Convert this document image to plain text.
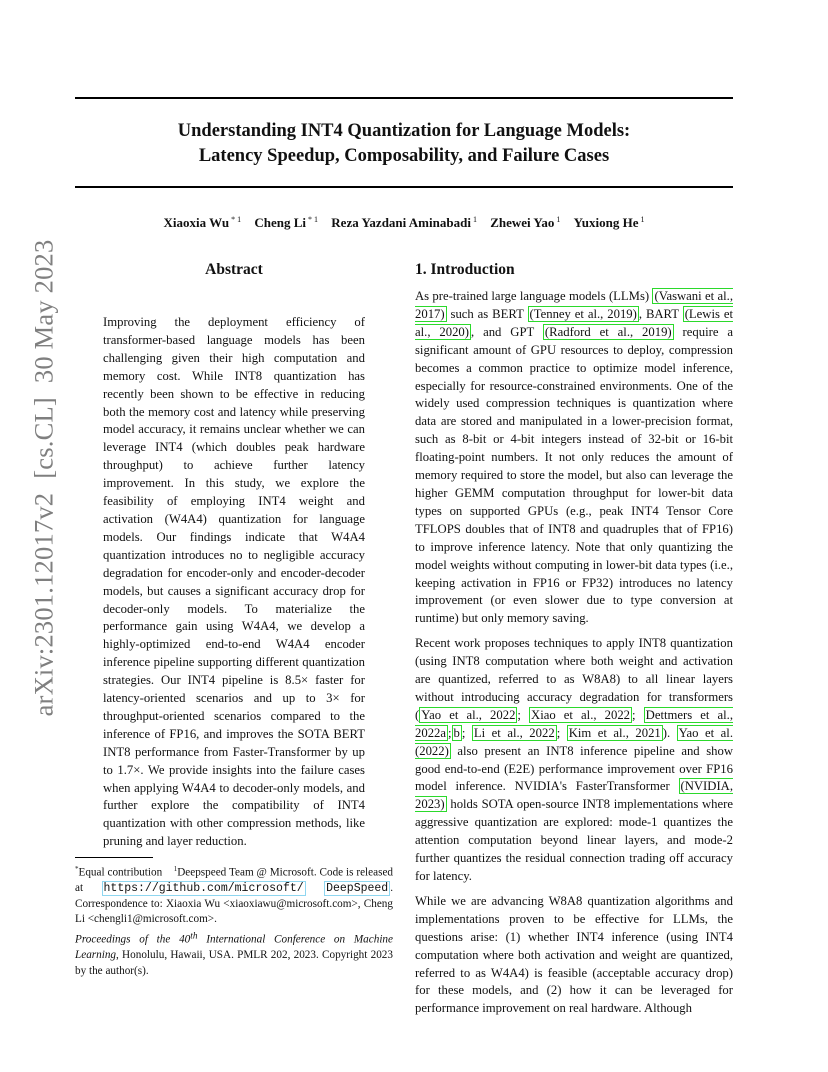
Understanding INT4 Quantization for Language Models:
Latency Speedup, Composability, and Failure Cases
Xiaoxia Wu $^{* 1}$ Cheng Li $^{* 1}$ Reza Yazdani Aminabadi $^1$ Zhewei Yao $^1$ Yuxiong He $^1$
arXiv:2301.12017v2[cs.CL]30 May 2023	Abstract

Improving the deployment efficiency of transformer-based language models has been challenging given their high computation and memory cost. While INT8 quantization has recently been shown to be effective in reducing both the memory cost and latency while preserving model accuracy, it remains unclear whether we can leverage INT4 (which doubles peak hardware throughput) to achieve further latency improvement. In this study, we explore the feasibility of employing INT4 weight and activation (W4A4) quantization for language models. Our findings indicate that W4A4 quantization introduces no to negligible accuracy degradation for encoder-only and encoder-decoder models, but causes a significant accuracy drop for decoder-only models. To materialize the performance gain using W4A4, we develop a highly-optimized end-to-end W4A4 encoder inference pipeline supporting different quantization strategies. Our INT4 pipeline is 8.5× faster for latency-oriented scenarios and up to 3× for throughput-oriented scenarios compared to the inference of FP16, and improves the SOTA BERT INT8 performance from Faster-Transformer by up to 1.7×. We provide insights into the failure cases when applying W4A4 to decoder-only models, and further explore the compatibility of INT4 quantization with other compression methods, like pruning and layer reduction.

*Equal contribution $^1$Deepspeed Team @ Microsoft. Code is released at https://github.com/microsoft/ DeepSpeed . Correspondence to: Xiaoxia Wu <xiaoxiawu@microsoft.com>, Cheng Li <chengli1@microsoft.com>.
Proceedings of the 40th International Conference on Machine Learning, Honolulu, Hawaii, USA. PMLR 202, 2023. Copyright 2023 by the author(s).
1. Introduction

As pre-trained large language models (LLMs) (Vaswani et al., 2017) such as BERT (Tenney et al., 2019) , BART (Lewis et al., 2020) , and GPT (Radford et al., 2019) require a significant amount of GPU resources to deploy, compression becomes a common practice to optimize model inference, especially for resource-constrained environments. One of the widely used compression techniques is quantization where data are stored and manipulated in a lower-precision format, such as 8-bit or 4-bit integers instead of 32-bit or 16-bit floating-point numbers. It not only reduces the amount of memory required to store the model, but also can leverage the higher GEMM computation throughput for lower-bit data types on supported GPUs (e.g., peak INT4 Tensor Core TFLOPS doubles that of INT8 and quadruples that of FP16) to improve inference latency. Note that only quantizing the model weights without computing in lower-bit data types (i.e., keeping activation in FP16 or FP32) introduces no latency improvement (or even slower due to type conversion at runtime) but only memory saving.

Recent work proposes techniques to apply INT8 quantization (using INT8 computation where both weight and activation are quantized, referred to as W8A8) to all linear layers without introducing accuracy degradation for transformers ( Yao et al., 2022 ; Xiao et al., 2022 ; Dettmers et al., 2022a ; b ; Li et al., 2022 ; Kim et al., 2021 ). Yao et al. (2022) also present an INT8 inference pipeline and show good end-to-end (E2E) performance improvement over FP16 model inference. NVIDIA's FasterTransformer (NVIDIA, 2023) holds SOTA open-source INT8 implementations where aggressive quantization are explored: mode-1 quantizes the attention computation beyond linear layers, and mode-2 further quantizes the residual connection trading off accuracy for latency.

While we are advancing W8A8 quantization algorithms and implementations proven to be effective for LLMs, the questions arise: (1) whether INT4 inference (using INT4 computation where both activation and weight are quantized, referred to as W4A4) is feasible (acceptable accuracy drop) for these models, and (2) how it can be leveraged for performance improvement on real hardware. Although
